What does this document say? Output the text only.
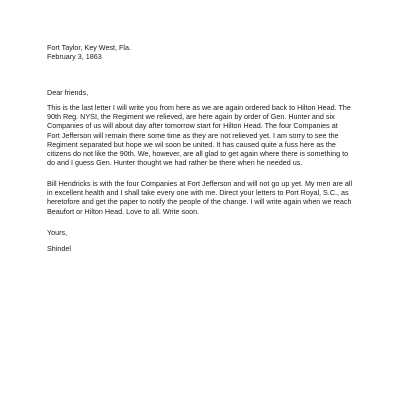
Fort Taylor, Key West, Fla.
February 3, 1863
Dear friends,
This is the last letter I will write you from here as we are again ordered back to Hilton Head. The
90th Reg. NYSI, the Regiment we relieved, are here again by order of Gen. Hunter and six
Companies of us will about day after tomorrow start for Hilton Head. The four Companies at
Fort Jefferson will remain there some time as they are not relieved yet. I am sorry to see the
Regiment separated but hope we wil soon be united. It has caused quite a fuss here as the
citizens do not like the 90th. We, however, are all glad to get again where there is something to
do and I guess Gen. Hunter thought we had rather be there when he needed us.
Bill Hendricks is with the four Companies at Fort Jefferson and will not go up yet. My men are all
in excellent health and I shall take every one with me. Direct your letters to Port Royal, S.C., as
heretofore and get the paper to notify the people of the change. I will write again when we reach
Beaufort or Hilton Head. Love to all. Write soon.
Yours,
Shindel
